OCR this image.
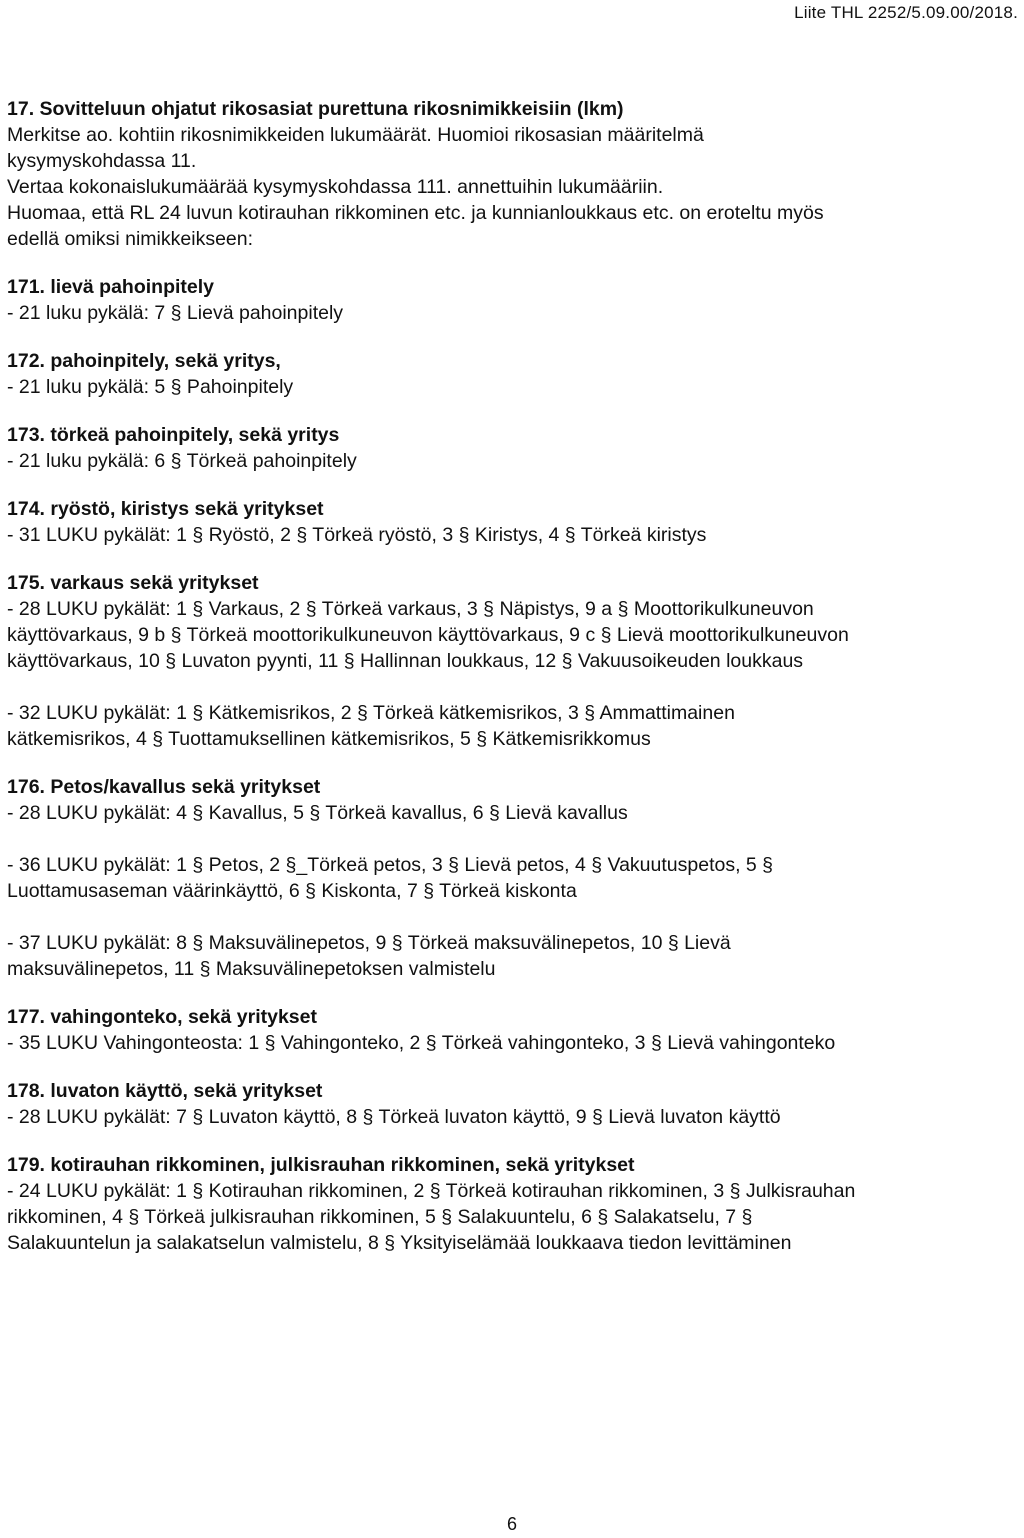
Liite THL 2252/5.09.00/2018.

17. Sovitteluun ohjatut rikosasiat purettuna rikosnimikkeisiin (lkm)

Merkitse ao. kohtiin rikosnimikkeiden lukumäärät. Huomioi rikosasian määritelmä

kysymyskohdassa 11.

Vertaa kokonaislukumäärää kysymyskohdassa 111. annettuihin lukumääriin.

Huomaa, että RL 24 luvun kotirauhan rikkominen etc. ja kunnianloukkaus etc. on eroteltu myös

edellä omiksi nimikkeikseen:

171. lievä pahoinpitely

- 21 luku pykälä: 7 § Lievä pahoinpitely

172. pahoinpitely, sekä yritys,

- 21 luku pykälä: 5 § Pahoinpitely

173. törkeä pahoinpitely, sekä yritys

- 21 luku pykälä: 6 § Törkeä pahoinpitely

174. ryöstö, kiristys sekä yritykset

- 31 LUKU pykälät: 1 § Ryöstö, 2 § Törkeä ryöstö, 3 § Kiristys, 4 § Törkeä kiristys

175. varkaus sekä yritykset

- 28 LUKU pykälät: 1 § Varkaus, 2 § Törkeä varkaus, 3 § Näpistys, 9 a § Moottorikulkuneuvon

käyttövarkaus, 9 b § Törkeä moottorikulkuneuvon käyttövarkaus, 9 c § Lievä moottorikulkuneuvon

käyttövarkaus, 10 § Luvaton pyynti, 11 § Hallinnan loukkaus, 12 § Vakuusoikeuden loukkaus

- 32 LUKU pykälät: 1 § Kätkemisrikos, 2 § Törkeä kätkemisrikos, 3 § Ammattimainen

kätkemisrikos, 4 § Tuottamuksellinen kätkemisrikos, 5 § Kätkemisrikkomus

176. Petos/kavallus sekä yritykset

- 28 LUKU pykälät: 4 § Kavallus, 5 § Törkeä kavallus, 6 § Lievä kavallus

- 36 LUKU pykälät: 1 § Petos, 2 §_Törkeä petos, 3 § Lievä petos, 4 § Vakuutuspetos, 5 §

Luottamusaseman väärinkäyttö, 6 § Kiskonta, 7 § Törkeä kiskonta

- 37 LUKU pykälät: 8 § Maksuvälinepetos, 9 § Törkeä maksuvälinepetos, 10 § Lievä

maksuvälinepetos, 11 § Maksuvälinepetoksen valmistelu

177. vahingonteko, sekä yritykset

- 35 LUKU Vahingonteosta: 1 § Vahingonteko, 2 § Törkeä vahingonteko, 3 § Lievä vahingonteko

178. luvaton käyttö, sekä yritykset

- 28 LUKU pykälät: 7 § Luvaton käyttö, 8 § Törkeä luvaton käyttö, 9 § Lievä luvaton käyttö

179. kotirauhan rikkominen, julkisrauhan rikkominen, sekä yritykset

- 24 LUKU pykälät: 1 § Kotirauhan rikkominen, 2 § Törkeä kotirauhan rikkominen, 3 § Julkisrauhan

rikkominen, 4 § Törkeä julkisrauhan rikkominen, 5 § Salakuuntelu, 6 § Salakatselu, 7 §

Salakuuntelun ja salakatselun valmistelu, 8 § Yksityiselämää loukkaava tiedon levittäminen

6
